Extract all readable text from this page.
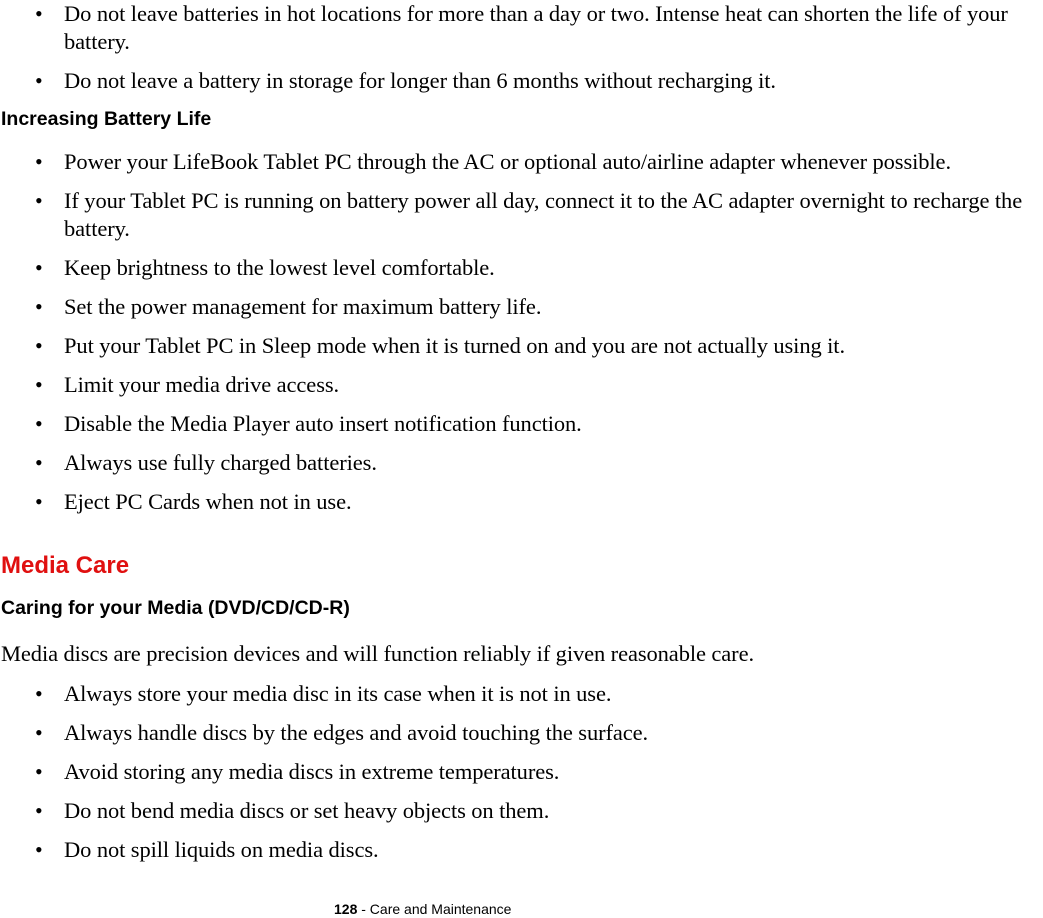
• Do not leave batteries in hot locations for more than a day or two. Intense heat can shorten the life of your battery.
• Do not leave a battery in storage for longer than 6 months without recharging it.
Increasing Battery Life
• Power your LifeBook Tablet PC through the AC or optional auto/airline adapter whenever possible.
• If your Tablet PC is running on battery power all day, connect it to the AC adapter overnight to recharge the battery.
• Keep brightness to the lowest level comfortable.
• Set the power management for maximum battery life.
• Put your Tablet PC in Sleep mode when it is turned on and you are not actually using it.
• Limit your media drive access.
• Disable the Media Player auto insert notification function.
• Always use fully charged batteries.
• Eject PC Cards when not in use.
Media Care
Caring for your Media (DVD/CD/CD-R)

Media discs are precision devices and will function reliably if given reasonable care.

• Always store your media disc in its case when it is not in use.
• Always handle discs by the edges and avoid touching the surface.
• Avoid storing any media discs in extreme temperatures.
• Do not bend media discs or set heavy objects on them.
• Do not spill liquids on media discs.
128 - Care and Maintenance
